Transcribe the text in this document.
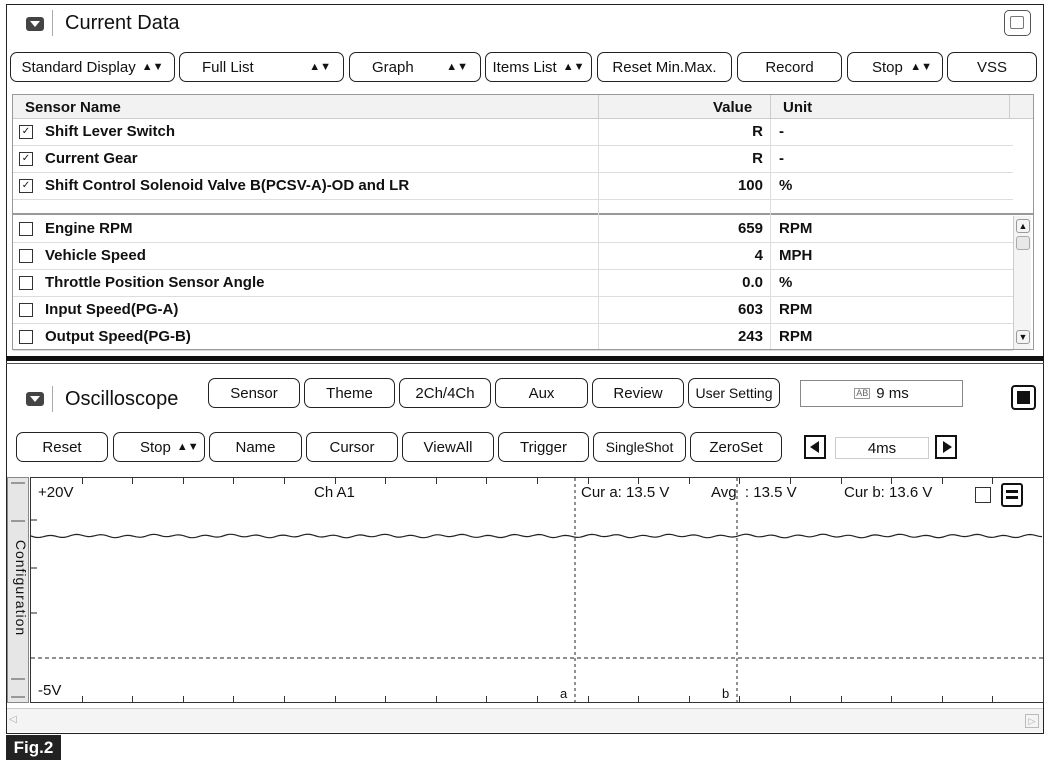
Current Data
Standard Display ▲▼	Full List	▲▼	Graph	▲▼ Items List ▲▼	Reset Min.Max.	Record	Stop ▲▼	VSS
Sensor Name	Value Unit
✓ Shift Lever Switch	R -
✓ Current Gear	R -
✓ Shift Control Solenoid Valve B(PCSV-A)-OD and LR	100 %
Engine RPM	659 RPM
Vehicle Speed	4 MPH
Throttle Position Sensor Angle	0.0 %
Input Speed(PG-A)	603 RPM
Output Speed(PG-B)	243 RPM
▲
▼
Oscilloscope	Sensor	Theme	2Ch/4Ch	Aux	Review	User Setting	AB 9 ms
Reset	Stop ▲▼	Name	Cursor	ViewAll	Trigger	SingleShot	ZeroSet	4ms
Configuration
+20V	Ch A1	Cur a: 13.5 V	Avg  : 13.5 V	Cur b: 13.6 V
-5V	a	b
◁	▷
Fig.2
